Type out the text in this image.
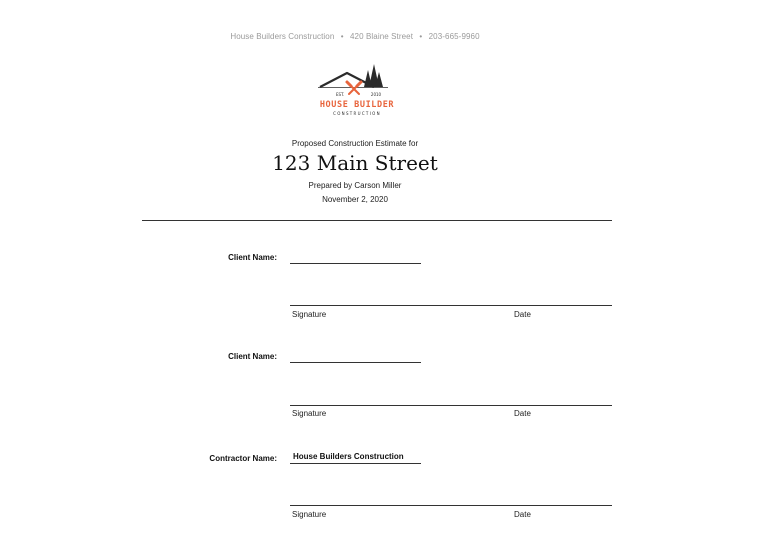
House Builders Construction • 420 Blaine Street • 203-665-9960
EST.	2010
HOUSE BUILDER
CONSTRUCTION
Proposed Construction Estimate for
123 Main Street
Prepared by Carson Miller
November 2, 2020
Client Name:
Signature	Date
Client Name:
Signature	Date
Contractor Name: House Builders Construction
Signature	Date
